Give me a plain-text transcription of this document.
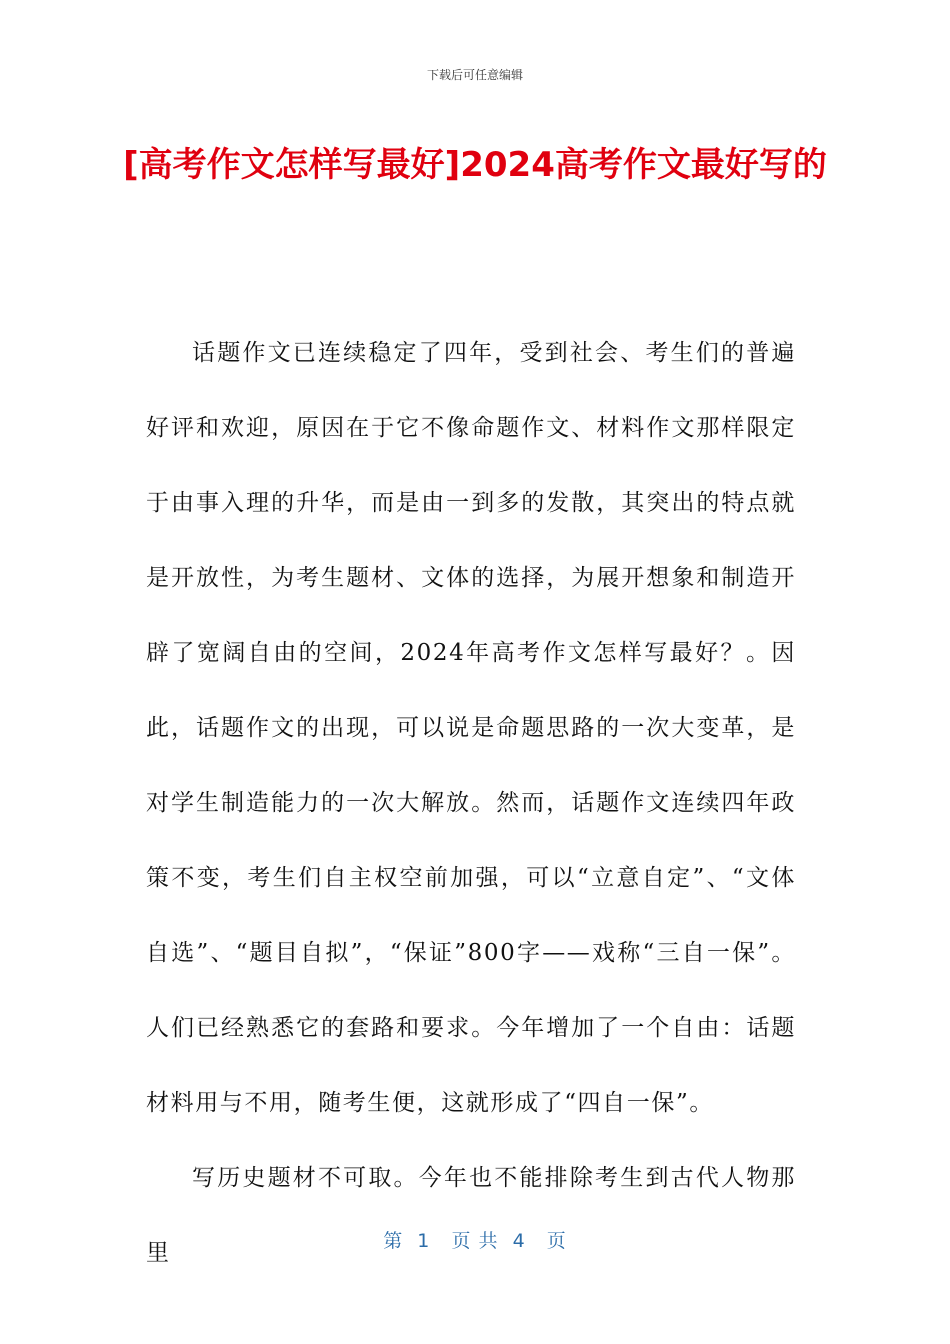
下载后可任意编辑
[高考作文怎样写最好]2024高考作文最好写的

话题作文已连续稳定了四年，受到社会、考生们的普遍好评和欢迎，原因在于它不像命题作文、材料作文那样限定于由事入理的升华，而是由一到多的发散，其突出的特点就是开放性，为考生题材、文体的选择，为展开想象和制造开辟了宽阔自由的空间，2024年高考作文怎样写最好？。因此，话题作文的出现，可以说是命题思路的一次大变革，是对学生制造能力的一次大解放。然而，话题作文连续四年政策不变，考生们自主权空前加强，可以“立意自定”、“文体自选”、“题目自拟”，“保证”800字——戏称“三自一保”。人们已经熟悉它的套路和要求。今年增加了一个自由：话题材料用与不用，随考生便，这就形成了“四自一保”。

写历史题材不可取。今年也不能排除考生到古代人物那里	第  1   页 共  4   页
